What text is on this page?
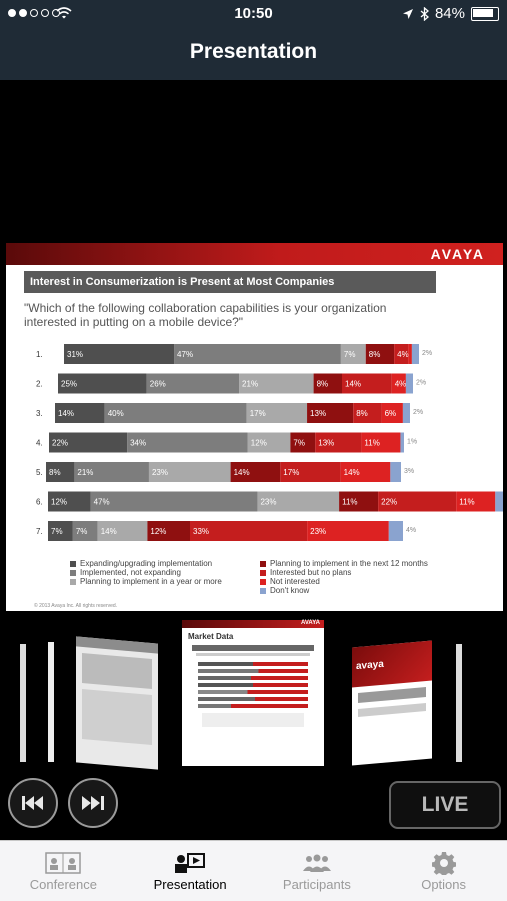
10:50	84%
Presentation
AVAYA
Interest in Consumerization is Present at Most Companies
"Which of the following collaboration capabilities is your organization interested in putting on a mobile device?"
1.	31%	47%	7% 8% 4% 2%
2. 25%	26%	21%	8% 14%	4% 2%
3. 14%	40%	17%	13%	8% 6% 2%
4. 22%	34%	12%	7% 13%	11%	1%
5. 8% 21%	23%	14%	17%	14%	3%
6. 12%	47%	23%	11%	22%	11%
7. 7% 7% 14%	12%	33%	23%	4%
Expanding/upgrading implementation
Implemented, not expanding
Planning to implement in a year or more
Planning to implement in the next 12 months
Interested but no plans
Not interested
Don't know
© 2013 Avaya Inc. All rights reserved.
AVAYA
Market Data
avaya
LIVE
Conference	Presentation	Participants	Options
